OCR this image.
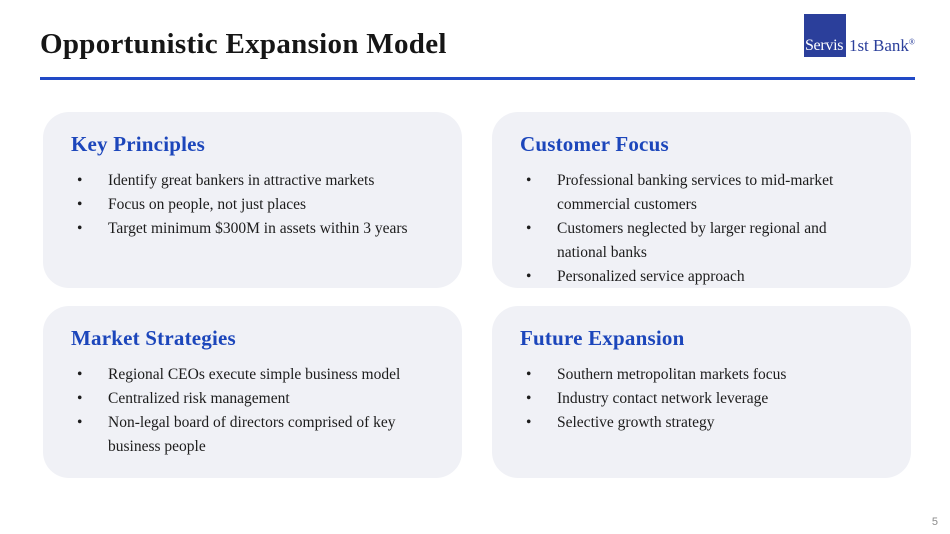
Opportunistic Expansion Model	Servis 1st Bank®
Key Principles
• Identify great bankers in attractive markets
• Focus on people, not just places
• Target minimum $300M in assets within 3 years
Customer Focus
• Professional banking services to mid-market commercial customers
• Customers neglected by larger regional and national banks
• Personalized service approach
Market Strategies
• Regional CEOs execute simple business model
• Centralized risk management
• Non-legal board of directors comprised of key business people
Future Expansion
• Southern metropolitan markets focus
• Industry contact network leverage
• Selective growth strategy
5
